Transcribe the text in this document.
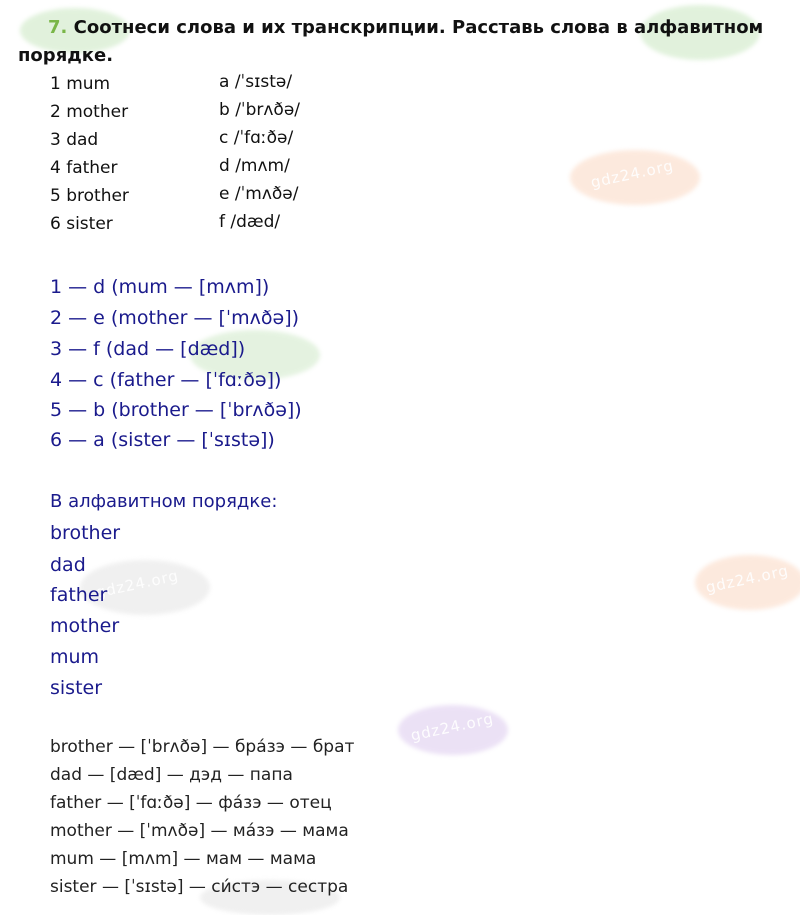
gdz24.org
gdz24.org
gdz24.org
gdz24.org
7. Соотнеси слова и их транскрипции. Расставь слова в алфавитном порядке.
1 mum
2 mother
3 dad
4 father
5 brother
6 sister
a /ˈsɪstə/
b /ˈbrʌðə/
c /ˈfɑːðə/
d /mʌm/
e /ˈmʌðə/
f /dæd/
1 — d (mum — [mʌm])
2 — e (mother — [ˈmʌðə])
3 — f (dad — [dæd])
4 — c (father — [ˈfɑːðə])
5 — b (brother — [ˈbrʌðə])
6 — a (sister — [ˈsɪstə])
В алфавитном порядке:
brother
dad
father
mother
mum
sister
brother — [ˈbrʌðə] — бра́зэ — брат
dad — [dæd] — дэд — папа
father — [ˈfɑːðə] — фа́зэ — отец
mother — [ˈmʌðə] — ма́зэ — мама
mum — [mʌm] — мам — мама
sister — [ˈsɪstə] — си́стэ — сестра
